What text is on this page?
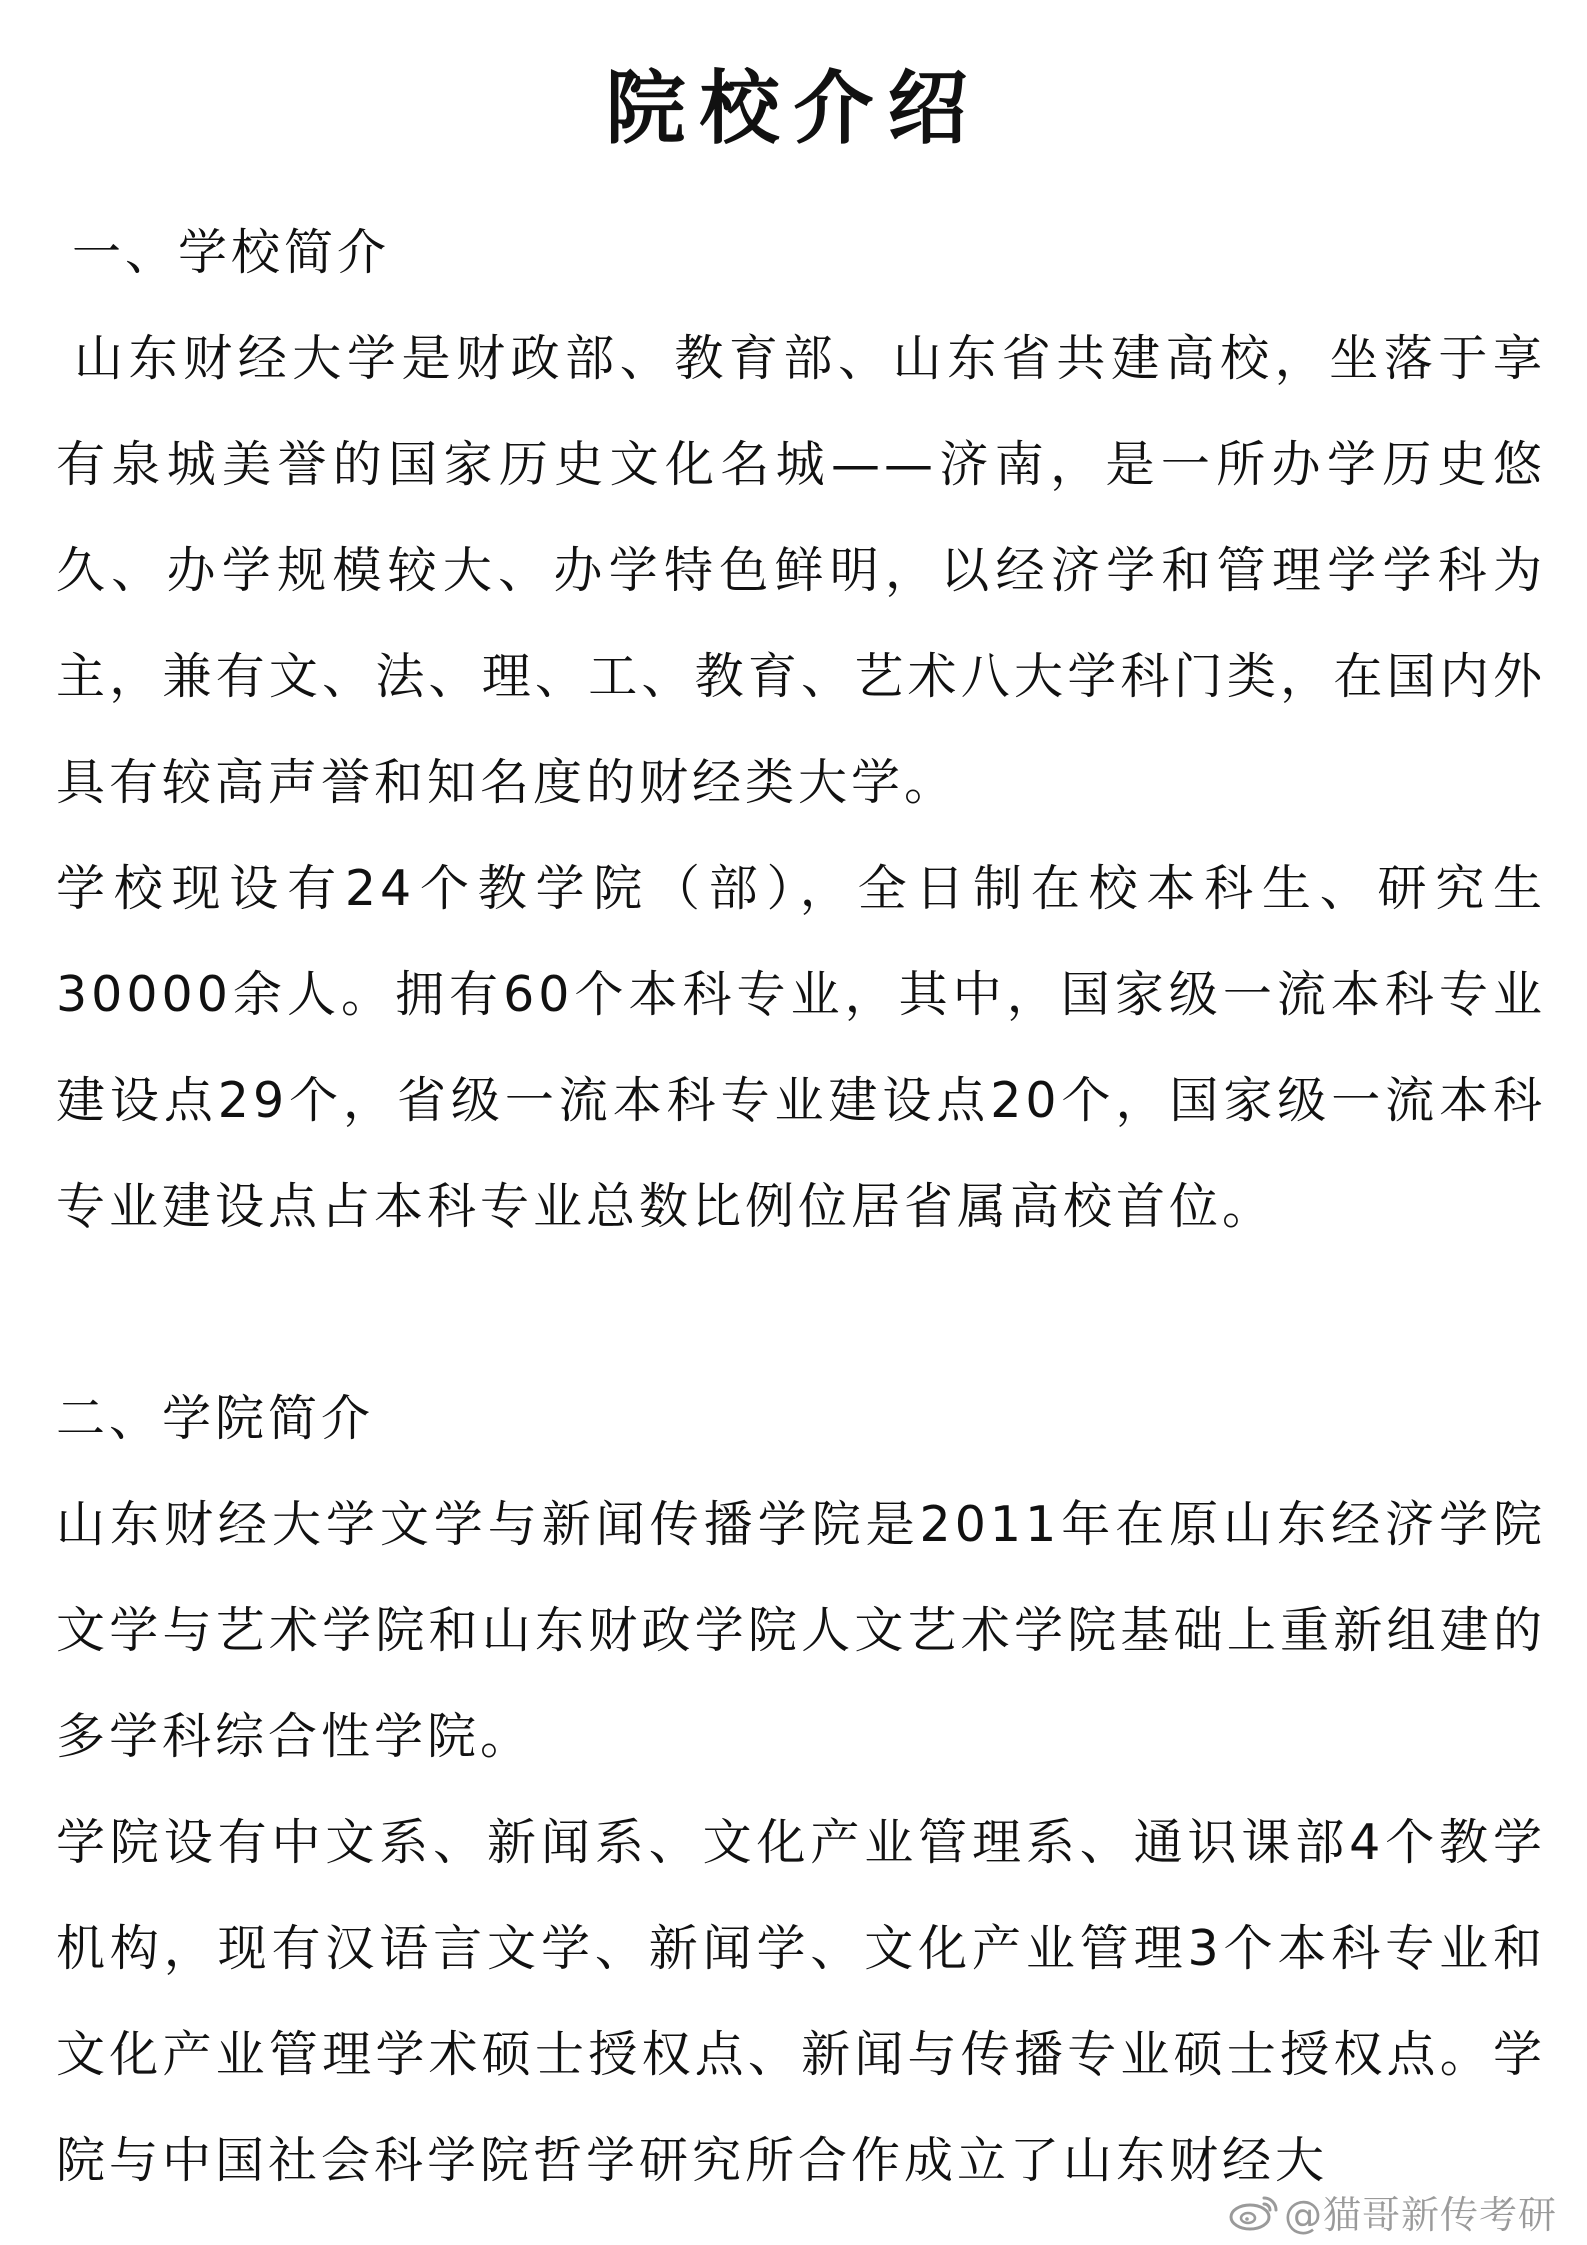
院校介绍
一、学校简介

山东财经大学是财政部、教育部、山东省共建高校，坐落于享有泉城美誉的国家历史文化名城——济南，是一所办学历史悠久、办学规模较大、办学特色鲜明，以经济学和管理学学科为主，兼有文、法、理、工、教育、艺术八大学科门类，在国内外具有较高声誉和知名度的财经类大学。

学校现设有24个教学院（部），全日制在校本科生、研究生30000余人。拥有60个本科专业，其中，国家级一流本科专业建设点29个，省级一流本科专业建设点20个，国家级一流本科专业建设点占本科专业总数比例位居省属高校首位。

二、学院简介

山东财经大学文学与新闻传播学院是2011年在原山东经济学院文学与艺术学院和山东财政学院人文艺术学院基础上重新组建的多学科综合性学院。

学院设有中文系、新闻系、文化产业管理系、通识课部4个教学机构，现有汉语言文学、新闻学、文化产业管理3个本科专业和文化产业管理学术硕士授权点、新闻与传播专业硕士授权点。学院与中国社会科学院哲学研究所合作成立了山东财经大

@猫哥新传考研
